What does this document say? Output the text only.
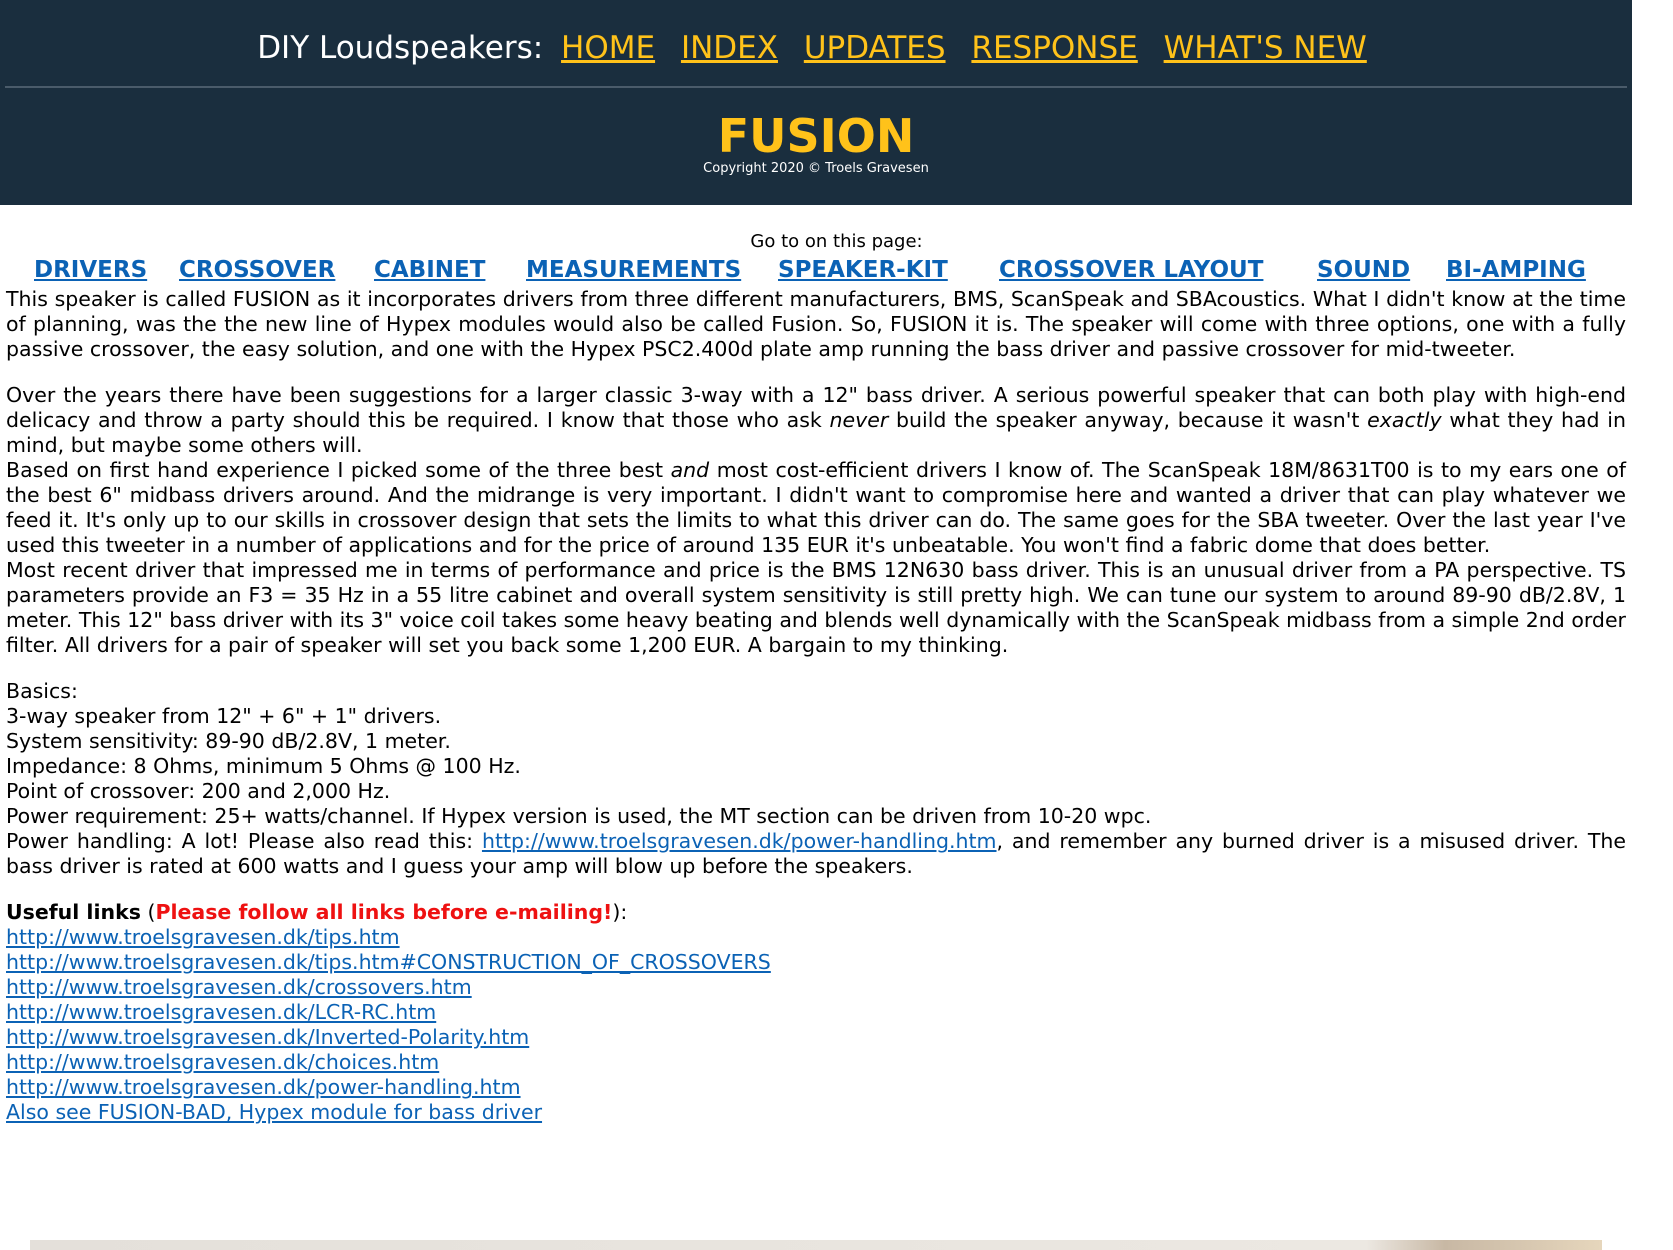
DIY Loudspeakers: HOME INDEX UPDATES RESPONSE WHAT'S NEW
FUSION
Copyright 2020 © Troels Gravesen
Go to on this page:
DRIVERS CROSSOVER CABINET MEASUREMENTS SPEAKER-KIT CROSSOVER LAYOUT SOUND BI-AMPING

This speaker is called FUSION as it incorporates drivers from three different manufacturers, BMS, ScanSpeak and SBAcoustics. What I didn't know at the time of planning, was the the new line of Hypex modules would also be called Fusion. So, FUSION it is. The speaker will come with three options, one with a fully passive crossover, the easy solution, and one with the Hypex PSC2.400d plate amp running the bass driver and passive crossover for mid-tweeter.

Over the years there have been suggestions for a larger classic 3-way with a 12" bass driver. A serious powerful speaker that can both play with high-end delicacy and throw a party should this be required. I know that those who ask never build the speaker anyway, because it wasn't exactly what they had in mind, but maybe some others will.

Based on first hand experience I picked some of the three best and most cost-efficient drivers I know of. The ScanSpeak 18M/8631T00 is to my ears one of the best 6" midbass drivers around. And the midrange is very important. I didn't want to compromise here and wanted a driver that can play whatever we feed it. It's only up to our skills in crossover design that sets the limits to what this driver can do. The same goes for the SBA tweeter. Over the last year I've used this tweeter in a number of applications and for the price of around 135 EUR it's unbeatable. You won't find a fabric dome that does better.

Most recent driver that impressed me in terms of performance and price is the BMS 12N630 bass driver. This is an unusual driver from a PA perspective. TS parameters provide an F3 = 35 Hz in a 55 litre cabinet and overall system sensitivity is still pretty high. We can tune our system to around 89-90 dB/2.8V, 1 meter. This 12" bass driver with its 3" voice coil takes some heavy beating and blends well dynamically with the ScanSpeak midbass from a simple 2nd order filter. All drivers for a pair of speaker will set you back some 1,200 EUR. A bargain to my thinking.

Basics:

3-way speaker from 12" + 6" + 1" drivers.

System sensitivity: 89-90 dB/2.8V, 1 meter.

Impedance: 8 Ohms, minimum 5 Ohms @ 100 Hz.

Point of crossover: 200 and 2,000 Hz.

Power requirement: 25+ watts/channel. If Hypex version is used, the MT section can be driven from 10-20 wpc.

Power handling: A lot! Please also read this: http://www.troelsgravesen.dk/power-handling.htm, and remember any burned driver is a misused driver. The bass driver is rated at 600 watts and I guess your amp will blow up before the speakers.

Useful links (Please follow all links before e-mailing!):

http://www.troelsgravesen.dk/tips.htm

http://www.troelsgravesen.dk/tips.htm#CONSTRUCTION_OF_CROSSOVERS

http://www.troelsgravesen.dk/crossovers.htm

http://www.troelsgravesen.dk/LCR-RC.htm

http://www.troelsgravesen.dk/Inverted-Polarity.htm

http://www.troelsgravesen.dk/choices.htm

http://www.troelsgravesen.dk/power-handling.htm

Also see FUSION-BAD, Hypex module for bass driver
